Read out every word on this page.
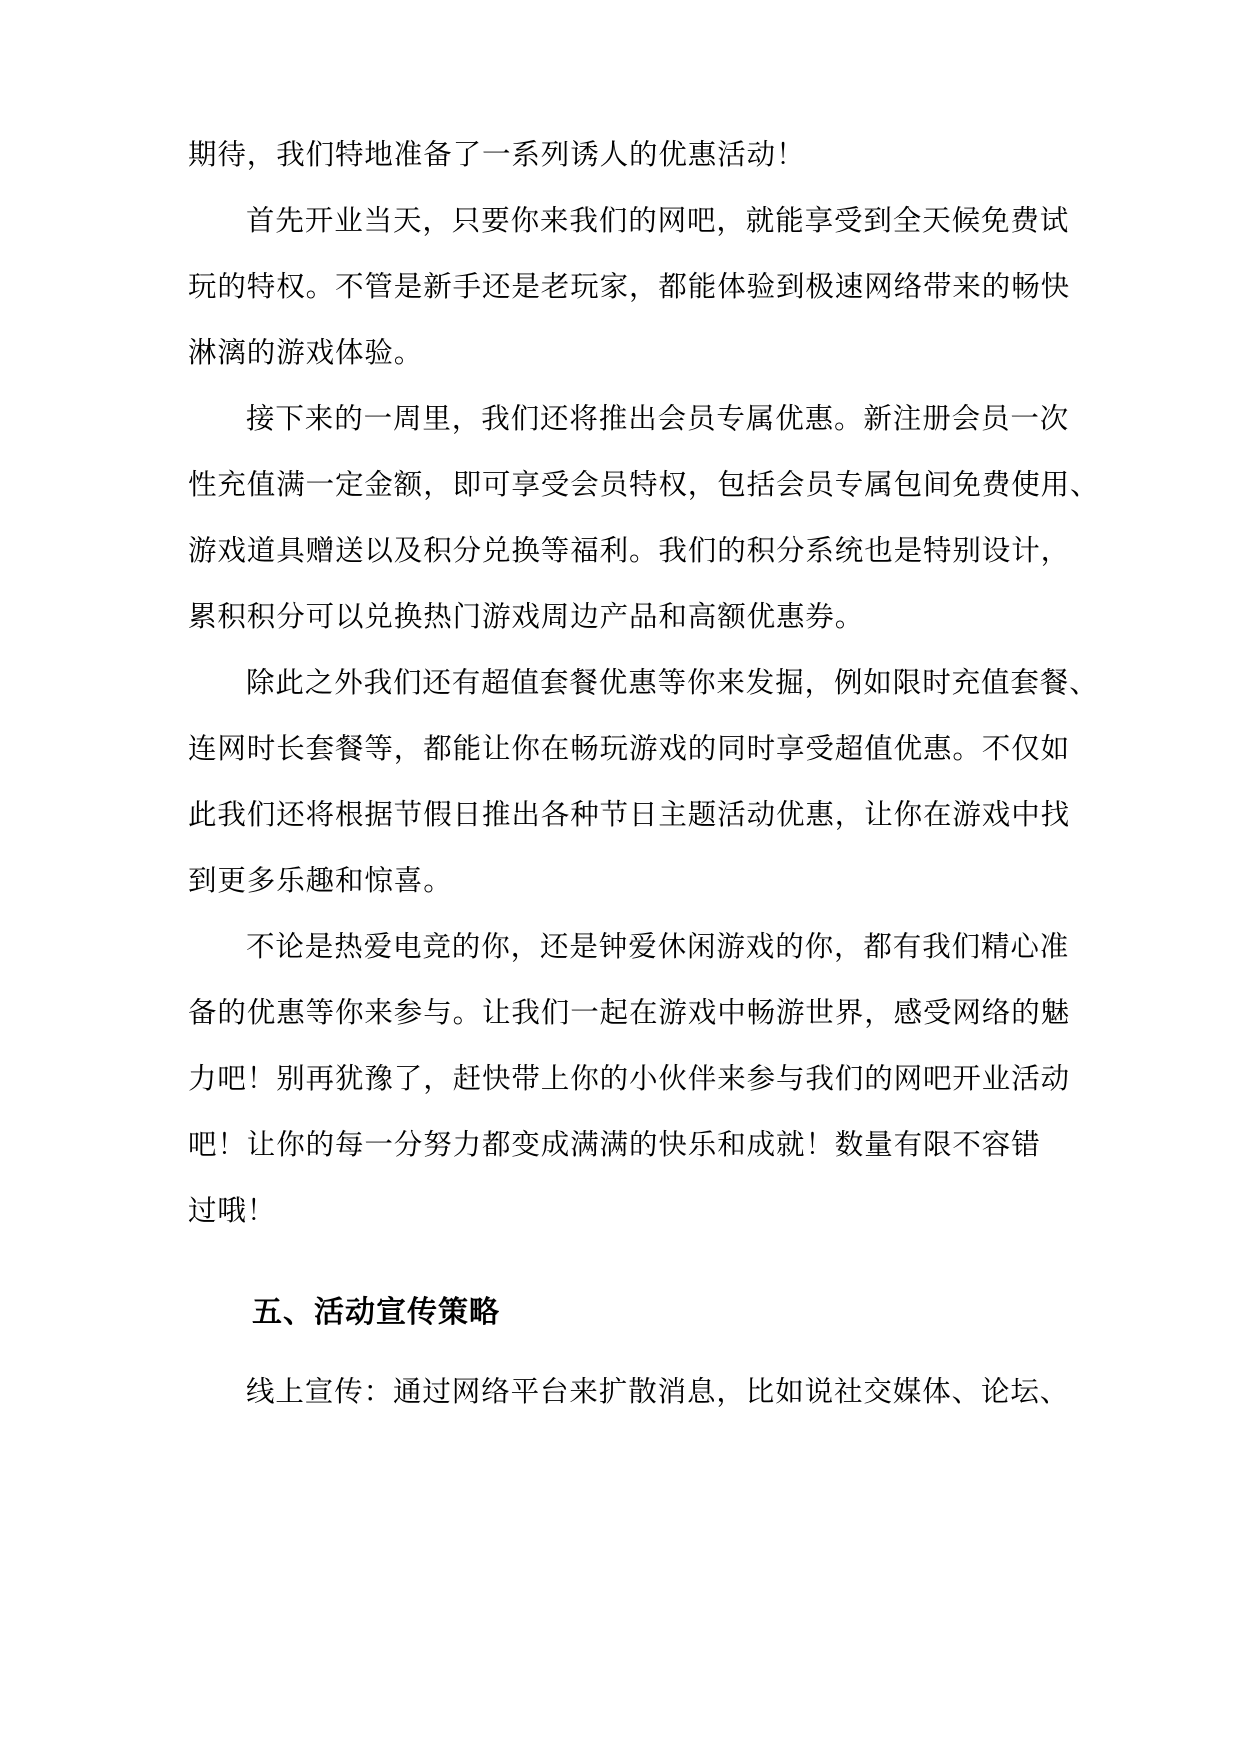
期待，我们特地准备了一系列诱人的优惠活动！

首先开业当天，只要你来我们的网吧，就能享受到全天候免费试

玩的特权。不管是新手还是老玩家，都能体验到极速网络带来的畅快

淋漓的游戏体验。

接下来的一周里，我们还将推出会员专属优惠。新注册会员一次

性充值满一定金额，即可享受会员特权，包括会员专属包间免费使用、

游戏道具赠送以及积分兑换等福利。我们的积分系统也是特别设计，

累积积分可以兑换热门游戏周边产品和高额优惠券。

除此之外我们还有超值套餐优惠等你来发掘，例如限时充值套餐、

连网时长套餐等，都能让你在畅玩游戏的同时享受超值优惠。不仅如

此我们还将根据节假日推出各种节日主题活动优惠，让你在游戏中找

到更多乐趣和惊喜。

不论是热爱电竞的你，还是钟爱休闲游戏的你，都有我们精心准

备的优惠等你来参与。让我们一起在游戏中畅游世界，感受网络的魅

力吧！别再犹豫了，赶快带上你的小伙伴来参与我们的网吧开业活动

吧！让你的每一分努力都变成满满的快乐和成就！数量有限不容错

过哦！

五、活动宣传策略

线上宣传：通过网络平台来扩散消息，比如说社交媒体、论坛、
